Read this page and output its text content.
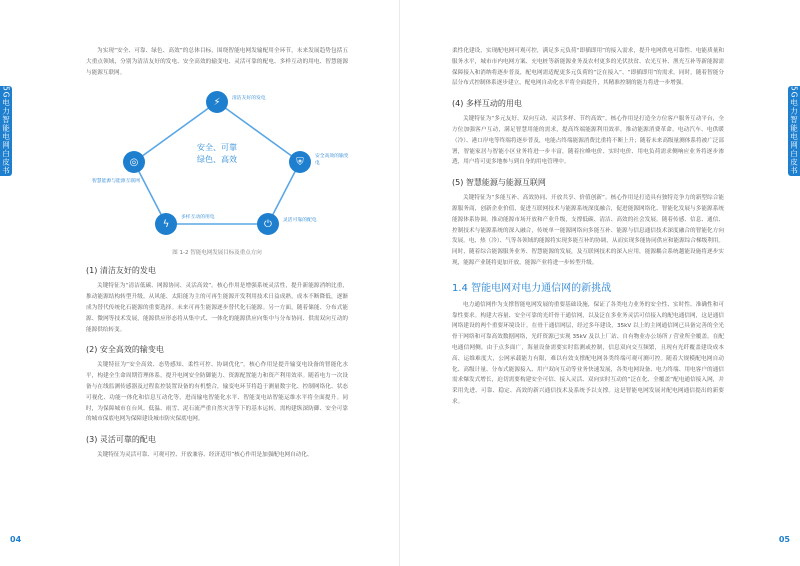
5G电力智能电网白皮书

为实现“安全、可靠、绿色、高效”的总体目标，围绕智能电网发输配用全环节，未来发展趋势包括五大重点领域，分别为清洁友好的发电、安全高效的输变电、灵活可靠的配电、多样互动的用电、智慧能源与能源互联网。

安全、可靠
绿色、高效
⚡	清洁友好的发电
⛨	安全高效的输变电
⏻	灵活可靠的配电
ϟ
多样互动的用电
◎
智慧能源与能源互联网
图 1-2 智能电网发展目标及重点方向
(1) 清洁友好的发电

关键特征为“清洁低碳、网源协同、灵活高效”。核心作用是增强系统灵活性，提升新能源消纳比重，推动能源结构转型升级。从风能、太阳能为主的可再生能源开发利用技术日益成熟，成本不断降低，逐渐成为替代传统化石能源的重要选择。未来可再生能源逐步替代化石能源。另一方面，随着储能、分布式能源、微网等技术发展，能源供应形态将从集中式、一体化的能源供应向集中与分布协同、供需双向互动的能源供给转变。

(2) 安全高效的输变电

关键特征为“安全高效、态势感知、柔性可控、协调优化”。核心作用是提升输变电设备的智能化水平，构建全生命周期管理体系，提升电网安全防御能力、资源配置能力和资产利用效率。随着电力一次设备与在线监测传感器及过程监控装置设备的有机整合，输变电环节将趋于测量数字化、控制网络化、状态可视化、功能一体化和信息互动化等，进而输电智能化水平、智能变电站智能运维水平将全面提升。同时，为保障城市在台风、低温、雨雪、泥石流严重自然灾害等下的基本运转，需构建纵深防御、安全可靠的城市保底电网为保障建设城市防灾保底电网。

(3) 灵活可靠的配电

关键特征为灵活可靠、可观可控、开放兼容、经济适用”核心作用是加强配电网自动化、

04
5G电力智能电网白皮书

柔性化建设，实现配电网可观可控，满足多元负荷“即插即用”的接入需求，提升电网供电可靠性、电能质量和服务水平，城市市内电网方案、充电桩等新能源业务及农村更多的光伏扶贫、农光互补、渔光互补等新能源需保障接入和消纳将逐步普及，配电网需适配更多元负荷的“泛在接入”、“即插即用”的需求。同时，随着智能分层分布式控制体系逐步建立，配电网自动化水平将全面提升，其精准控制的能力将进一步增强。

(4) 多样互动的用电

关键特征为“多元友好、双向互动、灵活多样、节约高效”。核心作用是打造全方位客户服务互动平台，全方位加强客户互动，满足智慧用能的需求，提高终端能源利用效率，推动能源消费革命。电动汽车、电供暖（冷）、港口岸电等终端将逐步普及，电能占终端能源消费比重将不断上升；随着未来高级量测体系将被广泛部署，智能家居与智能小区业务将进一步丰富，随着拉峰电价、实时电价、用电负荷需求侧响应业务将逐步渗透，用户将可更多地参与到自身的用电管理中。

(5) 智慧能源与能源互联网

关键特征为“多能互补、高效协同、开放共享、价值创新”。核心作用是打造具有独特竞争力的新型综合能源服务商，创新企业价值，促进互联网技术与能源系统深度融合，促进能源网络化、智能化发展与多能源系统能源体系协调。推动能源市场开放和产业升级，支撑低碳、清洁、高效的社会发展。随着传感、信息、通信、控制技术与能源系统的深入融合，传统单一能源网络向多能互补、能源与信息通信技术深度融合的智能化方向发展。电、热（冷）、气等各领域的能源将实现多能互补的协调，从而实现多能协同供应和能源综合梯级利用。同时，随着综合能源服务业务、智慧能源的发展，及互联网技术的深入应用，能源耦合系统越能设施将逐步实现，能源产业链将更加开放，能源产业将进一步转型升级。

1.4 智能电网对电力通信网的新挑战

电力通信网作为支撑智能电网发展的重要基础设施，保证了各类电力业务的安全性、实时性、准确性和可靠性要求。构建大容量、安全可靠的光纤骨干通信网，以及泛在多业务灵活可信接入的配电通信网，这是通信网络建设的两个重要环境设计。在骨干通信网层，经过多年建设，35kV 以上的主网通信网已具备完善的全光骨干网络和可靠高效数据网络，光纤资源已实现 35kV 及以上厂站、自有物业办公场所 / 营业所全覆盖。在配电通信网侧，由于点多面广，海量设备需要实时监测或控制，信息双向交互频繁，且现有光纤覆盖建设成本高、运维难度大，公网承载能力有限，难以有效支撑配电网各类终端可观可测可控。随着大规模配电网自动化、高级计量、分布式能源接入、用户双向互动等业务快速发展，各类电网设备、电力终端、用电客户的通信需求爆发式增长，迫切需要构建安全可信、接入灵活、双向实时互动的“泛在化、全覆盖”配电通信接入网，并采用先进、可靠、稳定、高效的新兴通信技术及系统予以支撑。这是智能电网发展对配电网通信提出的新要求。

05
